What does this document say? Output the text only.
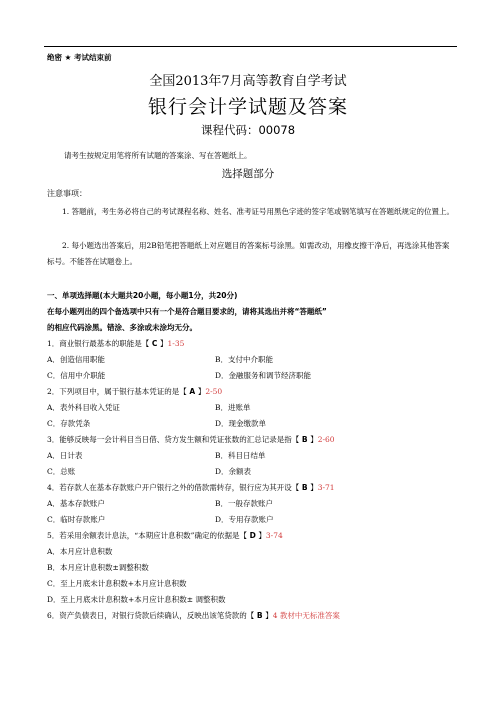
绝密 ★ 考试结束前
全国2013年7月高等教育自学考试
银行会计学试题及答案
课程代码：00078
请考生按规定用笔将所有试题的答案涂、写在答题纸上。
选择题部分
注意事项：
1. 答题前，考生务必将自己的考试课程名称、姓名、准考证号用黑色字迹的签字笔或钢笔填写在答题纸规定的位置上。
2. 每小题选出答案后，用2B铅笔把答题纸上对应题目的答案标号涂黑。如需改动，用橡皮擦干净后，再选涂其他答案标号。不能答在试题卷上。
一、单项选择题(本大题共20小题，每小题1分，共20分)
在每小题列出的四个备选项中只有一个是符合题目要求的，请将其选出并将“答题纸”
的相应代码涂黑。错涂、多涂或未涂均无分。
1．商业银行最基本的职能是【 C 】1-35
A．创造信用职能	B．支付中介职能
C．信用中介职能	D．金融服务和调节经济职能
2．下列项目中，属于银行基本凭证的是【 A 】2-50
A．表外科目收入凭证	B．进账单
C．存款凭条	D．现金缴款单
3．能够反映每一会计科目当日借、贷方发生额和凭证张数的汇总记录是指【 B 】2-60
A．日计表	B．科目日结单
C．总账	D．余额表
4．若存款人在基本存款账户开户银行之外的借款需转存，银行应为其开设【 B 】3-71
A．基本存款账户	B．一般存款账户
C．临时存款账户	D．专用存款账户
5．若采用余额表计息法，“本期应计息积数”确定的依据是【 D 】3-74
A．本月应计息积数
B．本月应计息积数±调整积数
C．至上月底未计息积数+本月应计息积数
D．至上月底未计息积数+本月应计息积数± 调整积数
6．资产负债表日，对银行贷款后续确认，反映出该笔贷款的【 B 】4 教材中无标准答案
